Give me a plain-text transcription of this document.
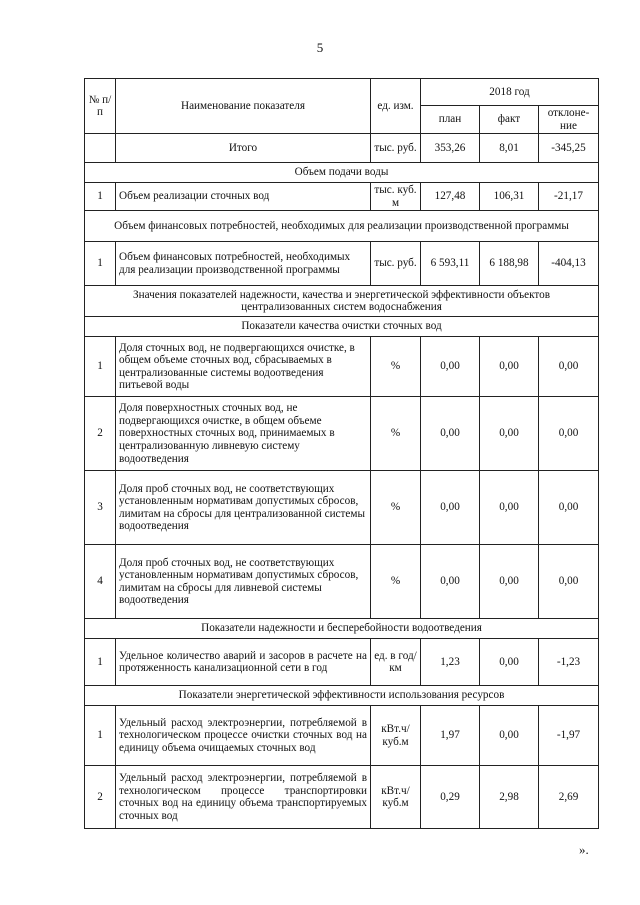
5
№ п/п	Наименование показателя	ед. изм.	2018 год		
			план	факт	отклоне-ние
	Итого	тыс. руб.	353,26	8,01	-345,25
Объем подачи воды					
1	Объем реализации сточных вод	тыс. куб. м	127,48	106,31	-21,17
Объем финансовых потребностей, необходимых для реализации производственной программы					
1	Объем финансовых потребностей, необходимых для реализации производственной программы	тыс. руб.	6 593,11	6 188,98	-404,13
Значения показателей надежности, качества и энергетической эффективности объектов централизованных систем водоснабжения					
Показатели качества очистки сточных вод					
1	Доля сточных вод, не подвергающихся очистке, в общем объеме сточных вод, сбрасываемых в централизованные системы водоотведения питьевой воды	%	0,00	0,00	0,00
2	Доля поверхностных сточных вод, не подвергающихся очистке, в общем объеме поверхностных сточных вод, принимаемых в централизованную ливневую систему водоотведения	%	0,00	0,00	0,00
3	Доля проб сточных вод, не соответствующих установленным нормативам допустимых сбросов, лимитам на сбросы для централизованной системы водоотведения	%	0,00	0,00	0,00
4	Доля проб сточных вод, не соответствующих установленным нормативам допустимых сбросов, лимитам на сбросы для ливневой системы водоотведения	%	0,00	0,00	0,00
Показатели надежности и бесперебойности водоотведения					
1	Удельное количество аварий и засоров в расчете на протяженность канализационной сети в год	ед. в год/ км	1,23	0,00	-1,23
Показатели энергетической эффективности использования ресурсов					
1	Удельный расход электроэнергии, потребляемой в технологическом процессе очистки сточных вод на единицу объема очищаемых сточных вод	кВт.ч/ куб.м	1,97	0,00	-1,97
2	Удельный расход электроэнергии, потребляемой в технологическом процессе транспортировки сточных вод на единицу объема транспортируемых сточных вод	кВт.ч/ куб.м	0,29	2,98	2,69
».
